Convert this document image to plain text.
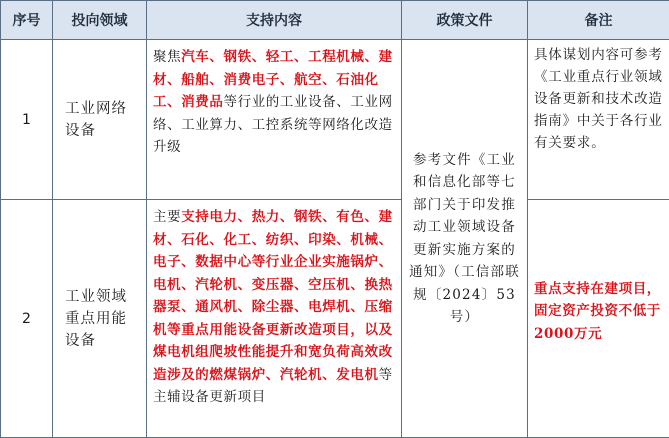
序号	投向领域	支持内容	政策文件	备注
1	工业网络设备	聚焦汽车、钢铁、轻工、工程机械、建材、船舶、消费电子、航空、石油化工、消费品等行业的工业设备、工业网络、工业算力、工控系统等网络化改造升级	参考文件《工业和信息化部等七部门关于印发推动工业领域设备更新实施方案的通知》（工信部联规〔2024〕53号）	具体谋划内容可参考《工业重点行业领域设备更新和技术改造指南》中关于各行业有关要求。
2	工业领域重点用能设备	主要支持电力、热力、钢铁、有色、建材、石化、化工、纺织、印染、机械、电子、数据中心等行业企业实施锅炉、电机、汽轮机、变压器、空压机、换热器泵、通风机、除尘器、电焊机、压缩机等重点用能设备更新改造项目，以及煤电机组爬坡性能提升和宽负荷高效改造涉及的燃煤锅炉、汽轮机、发电机等主辅设备更新项目		重点支持在建项目，固定资产投资不低于2000万元
